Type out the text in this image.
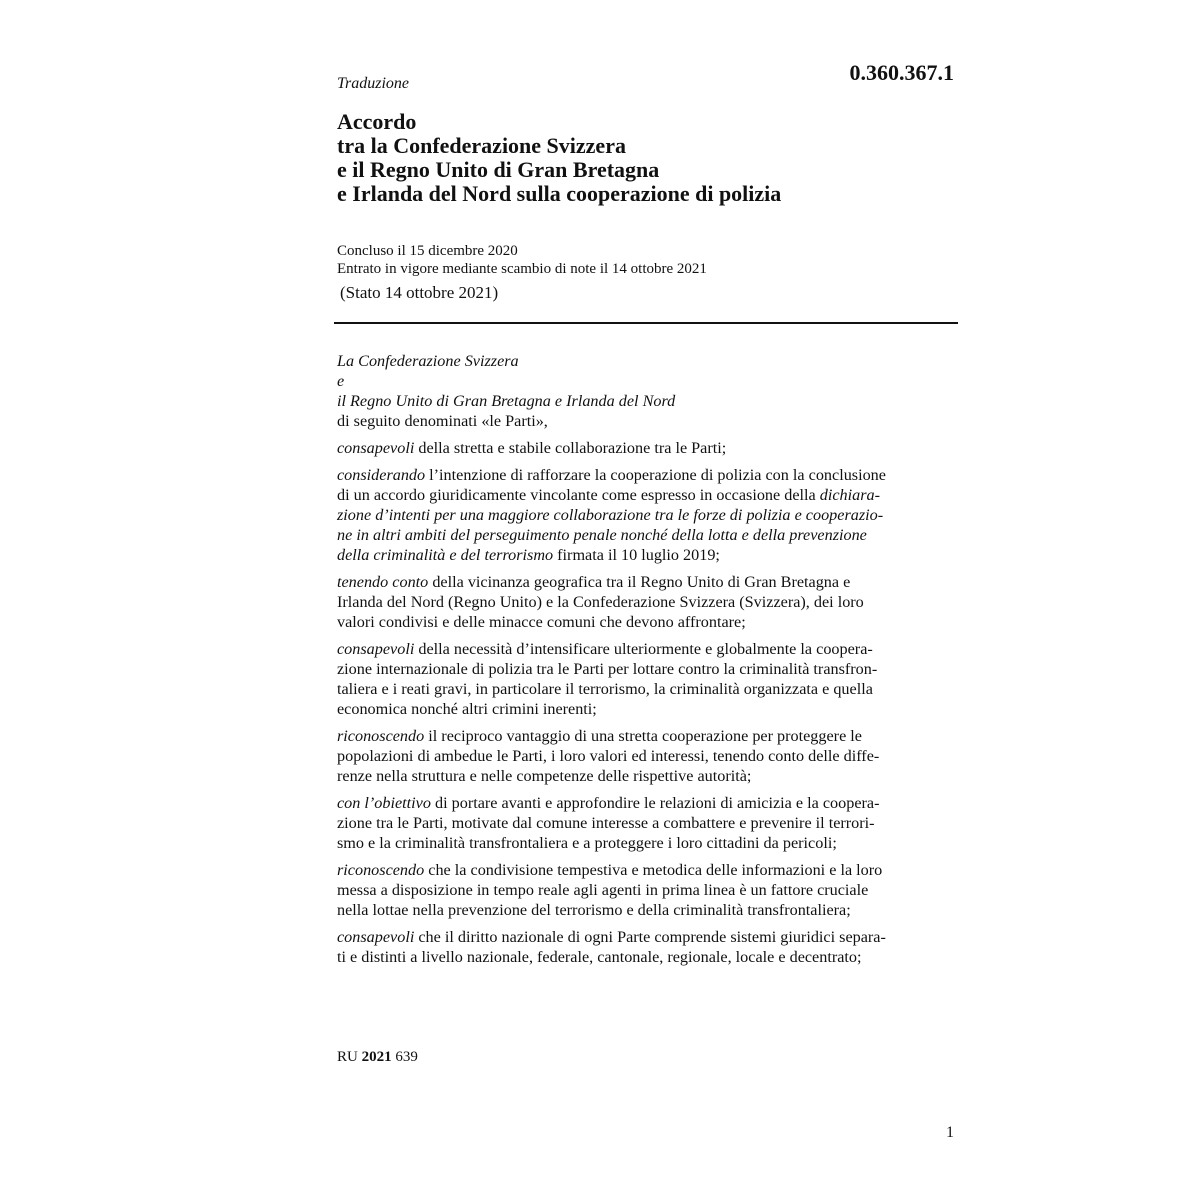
0.360.367.1
Traduzione
Accordo
tra la Confederazione Svizzera
e il Regno Unito di Gran Bretagna
e Irlanda del Nord sulla cooperazione di polizia
Concluso il 15 dicembre 2020
Entrato in vigore mediante scambio di note il 14 ottobre 2021
(Stato 14 ottobre 2021)
La Confederazione Svizzera
e
il Regno Unito di Gran Bretagna e Irlanda del Nord
di seguito denominati «le Parti»,
consapevoli della stretta e stabile collaborazione tra le Parti;
considerando l’intenzione di rafforzare la cooperazione di polizia con la conclusione
di un accordo giuridicamente vincolante come espresso in occasione della dichiara-
zione d’intenti per una maggiore collaborazione tra le forze di polizia e cooperazio-
ne in altri ambiti del perseguimento penale nonché della lotta e della prevenzione
della criminalità e del terrorismo firmata il 10 luglio 2019;
tenendo conto della vicinanza geografica tra il Regno Unito di Gran Bretagna e
Irlanda del Nord (Regno Unito) e la Confederazione Svizzera (Svizzera), dei loro
valori condivisi e delle minacce comuni che devono affrontare;
consapevoli della necessità d’intensificare ulteriormente e globalmente la coopera-
zione internazionale di polizia tra le Parti per lottare contro la criminalità transfron-
taliera e i reati gravi, in particolare il terrorismo, la criminalità organizzata e quella
economica nonché altri crimini inerenti;
riconoscendo il reciproco vantaggio di una stretta cooperazione per proteggere le
popolazioni di ambedue le Parti, i loro valori ed interessi, tenendo conto delle diffe-
renze nella struttura e nelle competenze delle rispettive autorità;
con l’obiettivo di portare avanti e approfondire le relazioni di amicizia e la coopera-
zione tra le Parti, motivate dal comune interesse a combattere e prevenire il terrori-
smo e la criminalità transfrontaliera e a proteggere i loro cittadini da pericoli;
riconoscendo che la condivisione tempestiva e metodica delle informazioni e la loro
messa a disposizione in tempo reale agli agenti in prima linea è un fattore cruciale
nella lottae nella prevenzione del terrorismo e della criminalità transfrontaliera;
consapevoli che il diritto nazionale di ogni Parte comprende sistemi giuridici separa-
ti e distinti a livello nazionale, federale, cantonale, regionale, locale e decentrato;
RU 2021 639
1
